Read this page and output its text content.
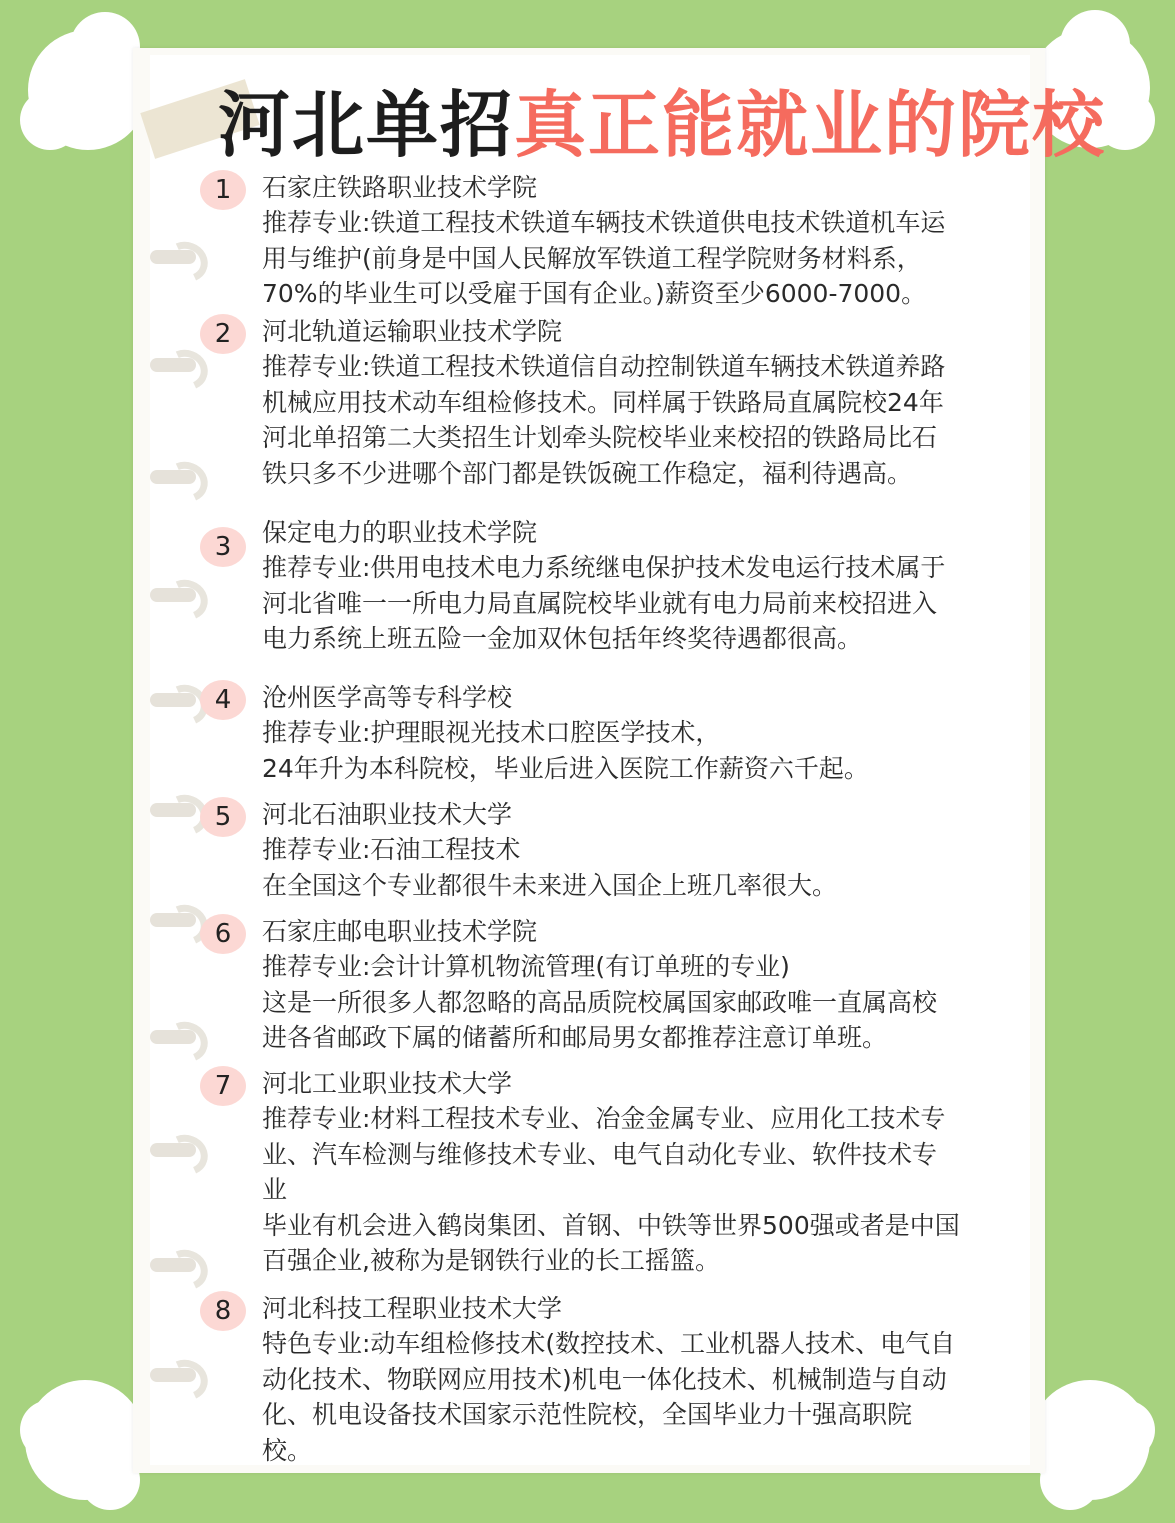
河北单招真正能就业的院校
1	石家庄铁路职业技术学院
推荐专业:铁道工程技术铁道车辆技术铁道供电技术铁道机车运
用与维护(前身是中国人民解放军铁道工程学院财务材料系，
70%的毕业生可以受雇于国有企业。)薪资至少6000-7000。
2	河北轨道运输职业技术学院
推荐专业:铁道工程技术铁道信自动控制铁道车辆技术铁道养路
机械应用技术动车组检修技术。同样属于铁路局直属院校24年
河北单招第二大类招生计划牵头院校毕业来校招的铁路局比石
铁只多不少进哪个部门都是铁饭碗工作稳定，福利待遇高。
3	保定电力的职业技术学院
推荐专业:供用电技术电力系统继电保护技术发电运行技术属于
河北省唯一一所电力局直属院校毕业就有电力局前来校招进入
电力系统上班五险一金加双休包括年终奖待遇都很高。
4	沧州医学高等专科学校
推荐专业:护理眼视光技术口腔医学技术，
24年升为本科院校，毕业后进入医院工作薪资六千起。
5	河北石油职业技术大学
推荐专业:石油工程技术
在全国这个专业都很牛未来进入国企上班几率很大。
6	石家庄邮电职业技术学院
推荐专业:会计计算机物流管理(有订单班的专业)
这是一所很多人都忽略的高品质院校属国家邮政唯一直属高校
进各省邮政下属的储蓄所和邮局男女都推荐注意订单班。
7	河北工业职业技术大学
推荐专业:材料工程技术专业、冶金金属专业、应用化工技术专
业、汽车检测与维修技术专业、电气自动化专业、软件技术专
业
毕业有机会进入鹤岗集团、首钢、中铁等世界500强或者是中国
百强企业,被称为是钢铁行业的长工摇篮。
8	河北科技工程职业技术大学
特色专业:动车组检修技术(数控技术、工业机器人技术、电气自
动化技术、物联网应用技术)机电一体化技术、机械制造与自动
化、机电设备技术国家示范性院校，全国毕业力十强高职院
校。
